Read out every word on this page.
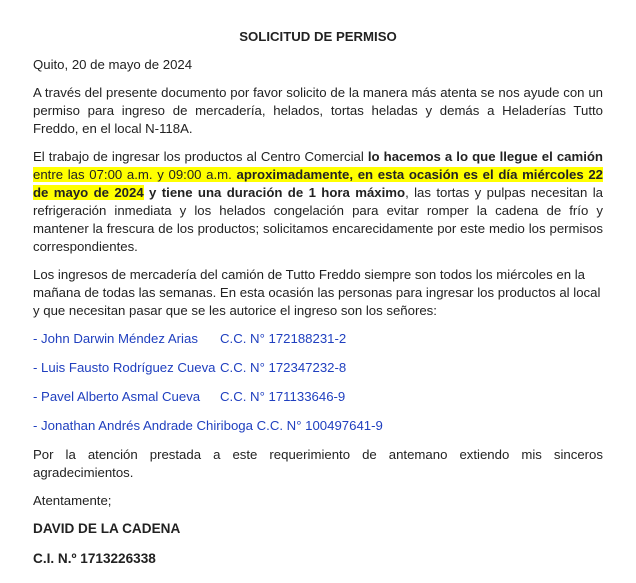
SOLICITUD DE PERMISO

Quito, 20 de mayo de 2024

A través del presente documento por favor solicito de la manera más atenta se nos ayude con un permiso para ingreso de mercadería, helados, tortas heladas y demás a Heladerías Tutto Freddo, en el local N-118A.

El trabajo de ingresar los productos al Centro Comercial lo hacemos a lo que llegue el camión entre las 07:00 a.m. y 09:00 a.m. aproximadamente, en esta ocasión es el día miércoles 22 de mayo de 2024 y tiene una duración de 1 hora máximo, las tortas y pulpas necesitan la refrigeración inmediata y los helados congelación para evitar romper la cadena de frío y mantener la frescura de los productos; solicitamos encarecidamente por este medio los permisos correspondientes.

Los ingresos de mercadería del camión de Tutto Freddo siempre son todos los miércoles en la mañana de todas las semanas. En esta ocasión las personas para ingresar los productos al local y que necesitan pasar que se les autorice el ingreso son los señores:

- John Darwin Méndez Arias C.C. N° 172188231-2
- Luis Fausto Rodríguez Cueva C.C. N° 172347232-8
- Pavel Alberto Asmal Cueva C.C. N° 171133646-9
- Jonathan Andrés Andrade Chiriboga C.C. N° 100497641-9

Por la atención prestada a este requerimiento de antemano extiendo mis sinceros agradecimientos.

Atentamente;

DAVID DE LA CADENA
C.I. N.º 1713226338
